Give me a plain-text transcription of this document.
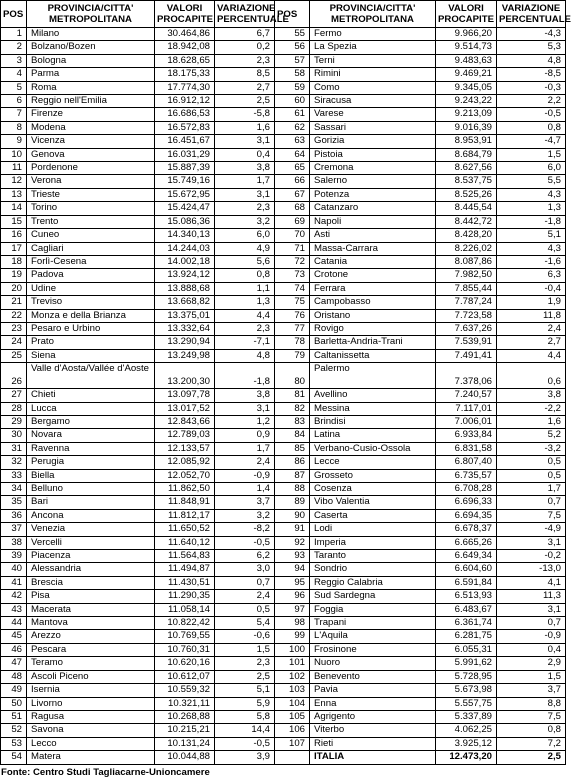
POS	PROVINCIA/CITTA' METROPOLITANA	VALORI PROCAPITE	VARIAZIONE PERCENTUALE	POS	PROVINCIA/CITTA' METROPOLITANA	VALORI PROCAPITE	VARIAZIONE PERCENTUALE
1	Milano	30.464,86	6,7	55	Fermo	9.966,20	-4,3
2	Bolzano/Bozen	18.942,08	0,2	56	La Spezia	9.514,73	5,3
3	Bologna	18.628,65	2,3	57	Terni	9.483,63	4,8
4	Parma	18.175,33	8,5	58	Rimini	9.469,21	-8,5
5	Roma	17.774,30	2,7	59	Como	9.345,05	-0,3
6	Reggio nell'Emilia	16.912,12	2,5	60	Siracusa	9.243,22	2,2
7	Firenze	16.686,53	-5,8	61	Varese	9.213,09	-0,5
8	Modena	16.572,83	1,6	62	Sassari	9.016,39	0,8
9	Vicenza	16.451,67	3,1	63	Gorizia	8.953,91	-4,7
10	Genova	16.031,29	0,4	64	Pistoia	8.684,79	1,5
11	Pordenone	15.887,39	3,8	65	Cremona	8.627,56	6,0
12	Verona	15.749,16	1,7	66	Salerno	8.537,75	5,5
13	Trieste	15.672,95	3,1	67	Potenza	8.525,26	4,3
14	Torino	15.424,47	2,3	68	Catanzaro	8.445,54	1,3
15	Trento	15.086,36	3,2	69	Napoli	8.442,72	-1,8
16	Cuneo	14.340,13	6,0	70	Asti	8.428,20	5,1
17	Cagliari	14.244,03	4,9	71	Massa-Carrara	8.226,02	4,3
18	Forlì-Cesena	14.002,18	5,6	72	Catania	8.087,86	-1,6
19	Padova	13.924,12	0,8	73	Crotone	7.982,50	6,3
20	Udine	13.888,68	1,1	74	Ferrara	7.855,44	-0,4
21	Treviso	13.668,82	1,3	75	Campobasso	7.787,24	1,9
22	Monza e della Brianza	13.375,01	4,4	76	Oristano	7.723,58	11,8
23	Pesaro e Urbino	13.332,64	2,3	77	Rovigo	7.637,26	2,4
24	Prato	13.290,94	-7,1	78	Barletta-Andria-Trani	7.539,91	2,7
25	Siena	13.249,98	4,8	79	Caltanissetta	7.491,41	4,4
26	Valle d'Aosta/Vallée d'Aoste	13.200,30	-1,8	80	Palermo	7.378,06	0,6
27	Chieti	13.097,78	3,8	81	Avellino	7.240,57	3,8
28	Lucca	13.017,52	3,1	82	Messina	7.117,01	-2,2
29	Bergamo	12.843,66	1,2	83	Brindisi	7.006,01	1,6
30	Novara	12.789,03	0,9	84	Latina	6.933,84	5,2
31	Ravenna	12.133,57	1,7	85	Verbano-Cusio-Ossola	6.831,58	-3,2
32	Perugia	12.085,92	2,4	86	Lecce	6.807,40	0,5
33	Biella	12.052,70	-0,9	87	Grosseto	6.735,57	0,5
34	Belluno	11.862,50	1,4	88	Cosenza	6.708,28	1,7
35	Bari	11.848,91	3,7	89	Vibo Valentia	6.696,33	0,7
36	Ancona	11.812,17	3,2	90	Caserta	6.694,35	7,5
37	Venezia	11.650,52	-8,2	91	Lodi	6.678,37	-4,9
38	Vercelli	11.640,12	-0,5	92	Imperia	6.665,26	3,1
39	Piacenza	11.564,83	6,2	93	Taranto	6.649,34	-0,2
40	Alessandria	11.494,87	3,0	94	Sondrio	6.604,60	-13,0
41	Brescia	11.430,51	0,7	95	Reggio Calabria	6.591,84	4,1
42	Pisa	11.290,35	2,4	96	Sud Sardegna	6.513,93	11,3
43	Macerata	11.058,14	0,5	97	Foggia	6.483,67	3,1
44	Mantova	10.822,42	5,4	98	Trapani	6.361,74	0,7
45	Arezzo	10.769,55	-0,6	99	L'Aquila	6.281,75	-0,9
46	Pescara	10.760,31	1,5	100	Frosinone	6.055,31	0,4
47	Teramo	10.620,16	2,3	101	Nuoro	5.991,62	2,9
48	Ascoli Piceno	10.612,07	2,5	102	Benevento	5.728,95	1,5
49	Isernia	10.559,32	5,1	103	Pavia	5.673,98	3,7
50	Livorno	10.321,11	5,9	104	Enna	5.557,75	8,8
51	Ragusa	10.268,88	5,8	105	Agrigento	5.337,89	7,5
52	Savona	10.215,21	14,4	106	Viterbo	4.062,25	0,8
53	Lecco	10.131,24	-0,5	107	Rieti	3.925,12	7,2
54	Matera	10.044,88	3,9		ITALIA	12.473,20	2,5
Fonte: Centro Studi Tagliacarne-Unioncamere
